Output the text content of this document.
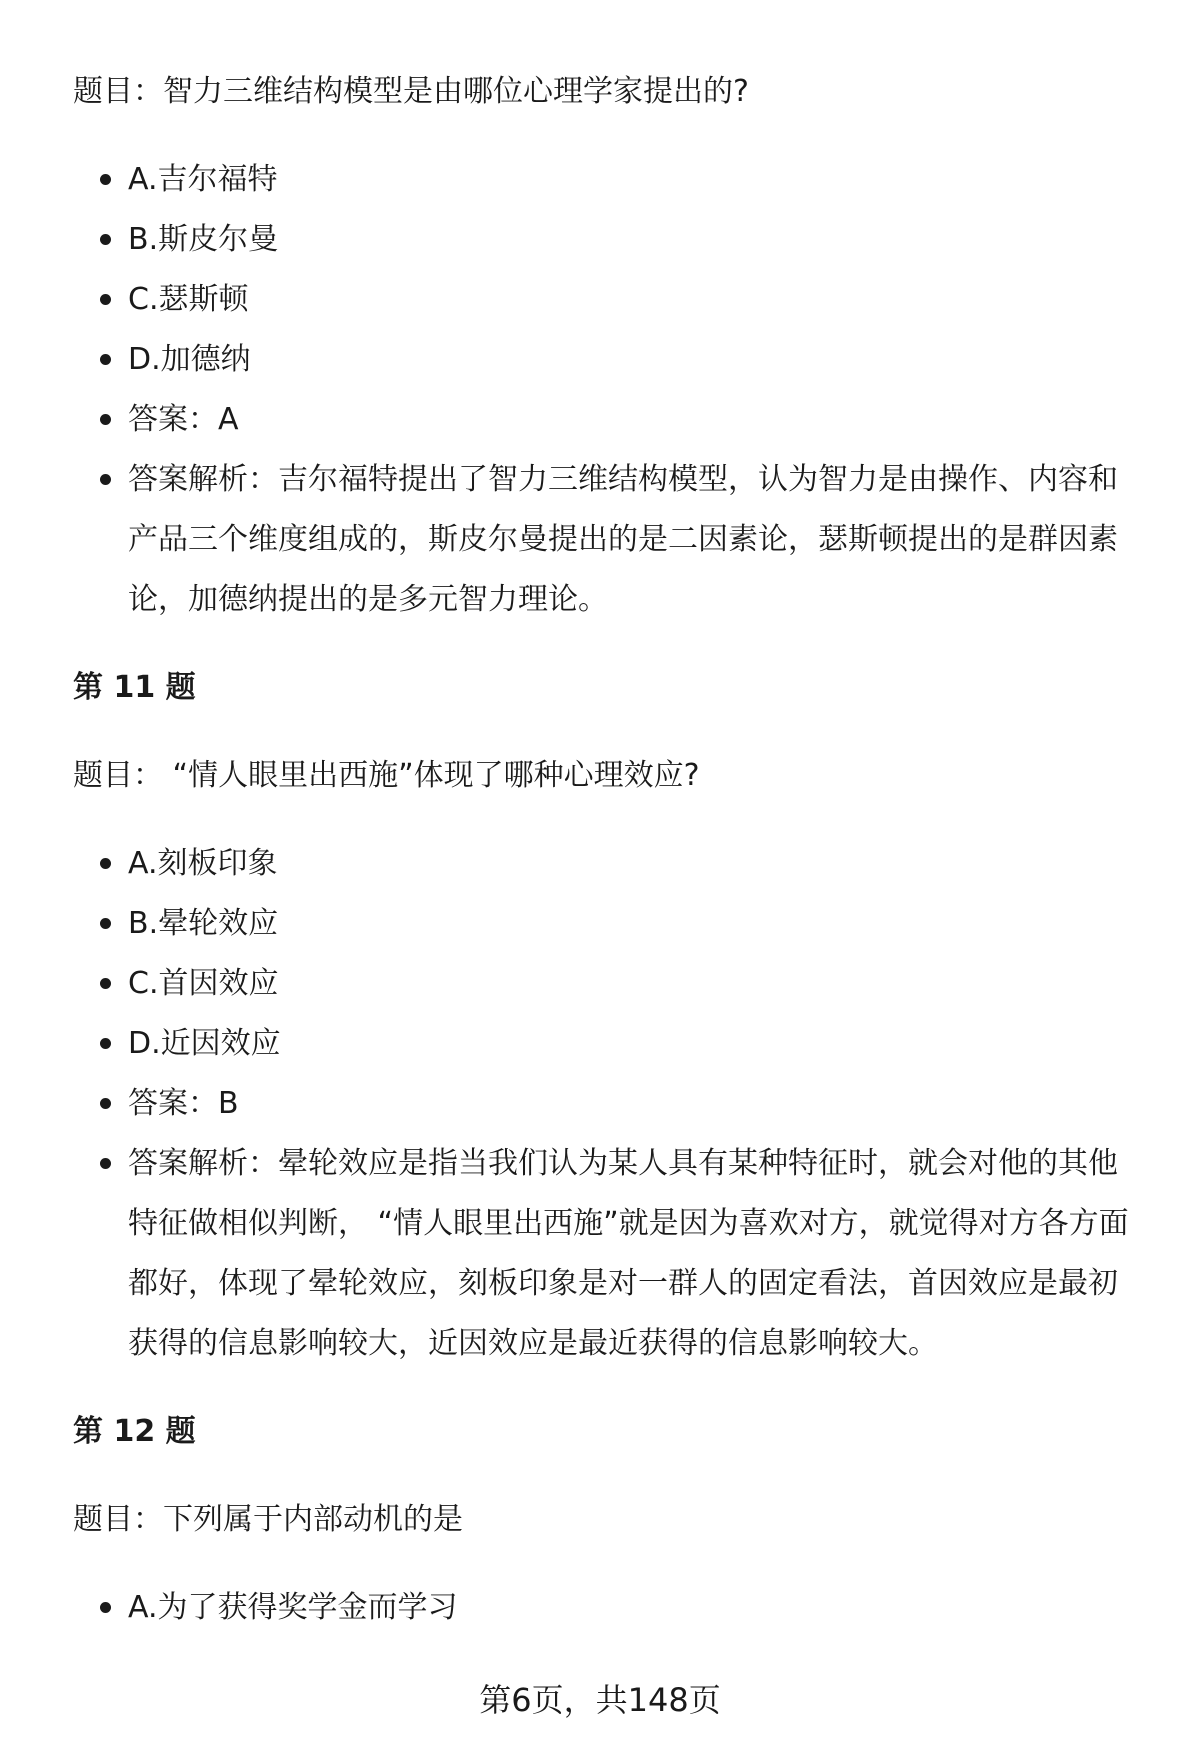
题目：智力三维结构模型是由哪位心理学家提出的?

A.吉尔福特
B.斯皮尔曼
C.瑟斯顿
D.加德纳
答案：A
答案解析：吉尔福特提出了智力三维结构模型，认为智力是由操作、内容和产品三个维度组成的，斯皮尔曼提出的是二因素论，瑟斯顿提出的是群因素论，加德纳提出的是多元智力理论。
第 11 题

题目： “情人眼里出西施”体现了哪种心理效应?

A.刻板印象
B.晕轮效应
C.首因效应
D.近因效应
答案：B
答案解析：晕轮效应是指当我们认为某人具有某种特征时，就会对他的其他特征做相似判断， “情人眼里出西施”就是因为喜欢对方，就觉得对方各方面都好，体现了晕轮效应，刻板印象是对一群人的固定看法，首因效应是最初获得的信息影响较大，近因效应是最近获得的信息影响较大。
第 12 题

题目：下列属于内部动机的是

A.为了获得奖学金而学习
第6页，共148页
